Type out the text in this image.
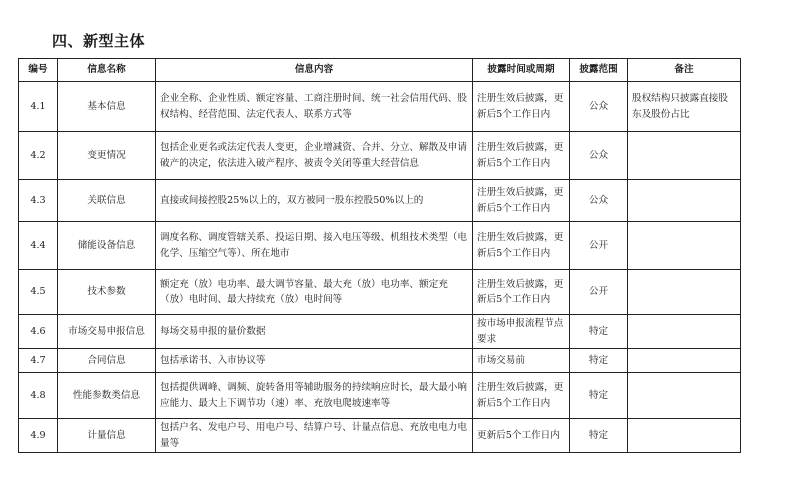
四、新型主体
编号	信息名称	信息内容	披露时间或周期	披露范围	备注
4.1	基本信息	企业全称、企业性质、额定容量、工商注册时间、统一社会信用代码、股权结构、经营范围、法定代表人、联系方式等	注册生效后披露，更新后5个工作日内	公众	股权结构只披露直接股东及股份占比
4.2	变更情况	包括企业更名或法定代表人变更，企业增减资、合并、分立、解散及申请破产的决定，依法进入破产程序、被责令关闭等重大经营信息	注册生效后披露，更新后5个工作日内	公众	
4.3	关联信息	直接或间接控股25%以上的，双方被同一股东控股50%以上的	注册生效后披露，更新后5个工作日内	公众	
4.4	储能设备信息	调度名称、调度管辖关系、投运日期、接入电压等级、机组技术类型（电化学、压缩空气等）、所在地市	注册生效后披露，更新后5个工作日内	公开	
4.5	技术参数	额定充（放）电功率、最大调节容量、最大充（放）电功率、额定充（放）电时间、最大持续充（放）电时间等	注册生效后披露，更新后5个工作日内	公开	
4.6	市场交易申报信息	每场交易申报的量价数据	按市场申报流程节点要求	特定	
4.7	合同信息	包括承诺书、入市协议等	市场交易前	特定	
4.8	性能参数类信息	包括提供调峰、调频、旋转备用等辅助服务的持续响应时长，最大最小响应能力、最大上下调节功（速）率、充放电爬坡速率等	注册生效后披露，更新后5个工作日内	特定	
4.9	计量信息	包括户名、发电户号、用电户号、结算户号、计量点信息、充放电电力电量等	更新后5个工作日内	特定	
